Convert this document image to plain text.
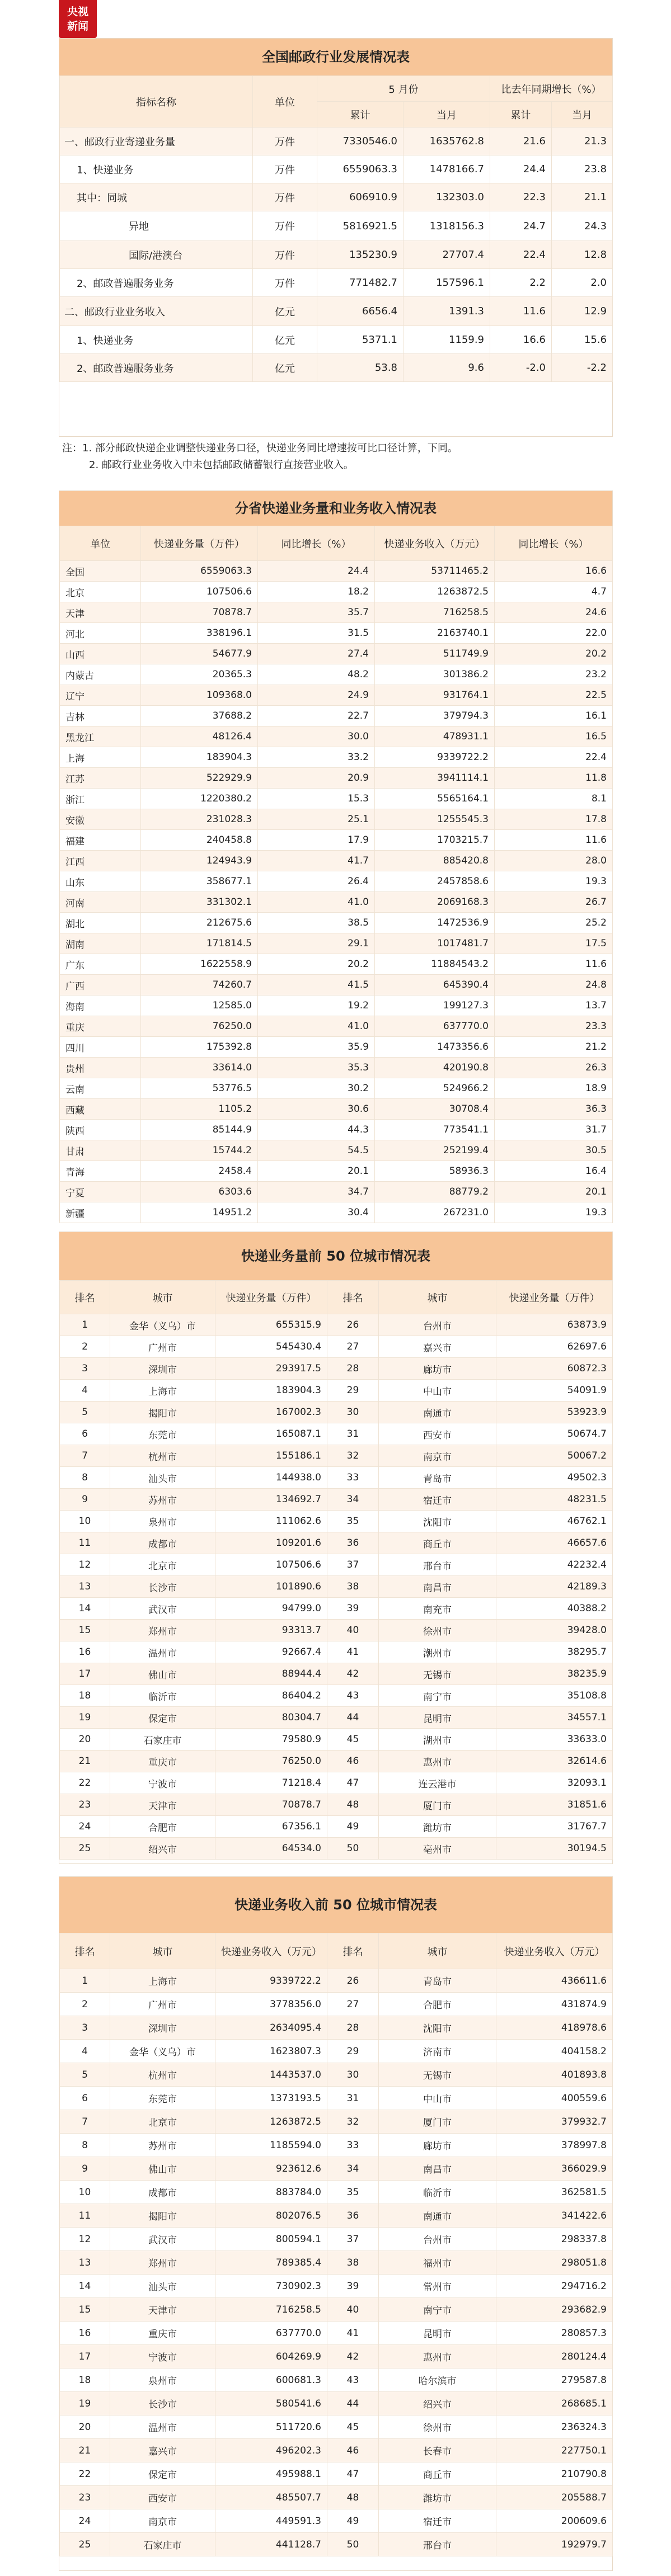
央视
新闻
全国邮政行业发展情况表
指标名称	单位	5 月份		比去年同期增长（%）	
		累计	当月	累计	当月
一、邮政行业寄递业务量	万件	7330546.0	1635762.8	21.6	21.3
1、快递业务	万件	6559063.3	1478166.7	24.4	23.8
其中：同城	万件	606910.9	132303.0	22.3	21.1
异地	万件	5816921.5	1318156.3	24.7	24.3
国际/港澳台	万件	135230.9	27707.4	22.4	12.8
2、邮政普遍服务业务	万件	771482.7	157596.1	2.2	2.0
二、邮政行业业务收入	亿元	6656.4	1391.3	11.6	12.9
1、快递业务	亿元	5371.1	1159.9	16.6	15.6
2、邮政普遍服务业务	亿元	53.8	9.6	-2.0	-2.2
注：1. 部分邮政快递企业调整快递业务口径，快递业务同比增速按可比口径计算，下同。
2. 邮政行业业务收入中未包括邮政储蓄银行直接营业收入。
分省快递业务量和业务收入情况表
单位	快递业务量（万件）	同比增长（%）	快递业务收入（万元）	同比增长（%）
全国	6559063.3	24.4	53711465.2	16.6
北京	107506.6	18.2	1263872.5	4.7
天津	70878.7	35.7	716258.5	24.6
河北	338196.1	31.5	2163740.1	22.0
山西	54677.9	27.4	511749.9	20.2
内蒙古	20365.3	48.2	301386.2	23.2
辽宁	109368.0	24.9	931764.1	22.5
吉林	37688.2	22.7	379794.3	16.1
黑龙江	48126.4	30.0	478931.1	16.5
上海	183904.3	33.2	9339722.2	22.4
江苏	522929.9	20.9	3941114.1	11.8
浙江	1220380.2	15.3	5565164.1	8.1
安徽	231028.3	25.1	1255545.3	17.8
福建	240458.8	17.9	1703215.7	11.6
江西	124943.9	41.7	885420.8	28.0
山东	358677.1	26.4	2457858.6	19.3
河南	331302.1	41.0	2069168.3	26.7
湖北	212675.6	38.5	1472536.9	25.2
湖南	171814.5	29.1	1017481.7	17.5
广东	1622558.9	20.2	11884543.2	11.6
广西	74260.7	41.5	645390.4	24.8
海南	12585.0	19.2	199127.3	13.7
重庆	76250.0	41.0	637770.0	23.3
四川	175392.8	35.9	1473356.6	21.2
贵州	33614.0	35.3	420190.8	26.3
云南	53776.5	30.2	524966.2	18.9
西藏	1105.2	30.6	30708.4	36.3
陕西	85144.9	44.3	773541.1	31.7
甘肃	15744.2	54.5	252199.4	30.5
青海	2458.4	20.1	58936.3	16.4
宁夏	6303.6	34.7	88779.2	20.1
新疆	14951.2	30.4	267231.0	19.3
快递业务量前 50 位城市情况表
排名	城市	快递业务量（万件）	排名	城市	快递业务量（万件）
1	金华（义乌）市	655315.9	26	台州市	63873.9
2	广州市	545430.4	27	嘉兴市	62697.6
3	深圳市	293917.5	28	廊坊市	60872.3
4	上海市	183904.3	29	中山市	54091.9
5	揭阳市	167002.3	30	南通市	53923.9
6	东莞市	165087.1	31	西安市	50674.7
7	杭州市	155186.1	32	南京市	50067.2
8	汕头市	144938.0	33	青岛市	49502.3
9	苏州市	134692.7	34	宿迁市	48231.5
10	泉州市	111062.6	35	沈阳市	46762.1
11	成都市	109201.6	36	商丘市	46657.6
12	北京市	107506.6	37	邢台市	42232.4
13	长沙市	101890.6	38	南昌市	42189.3
14	武汉市	94799.0	39	南充市	40388.2
15	郑州市	93313.7	40	徐州市	39428.0
16	温州市	92667.4	41	潮州市	38295.7
17	佛山市	88944.4	42	无锡市	38235.9
18	临沂市	86404.2	43	南宁市	35108.8
19	保定市	80304.7	44	昆明市	34557.1
20	石家庄市	79580.9	45	湖州市	33633.0
21	重庆市	76250.0	46	惠州市	32614.6
22	宁波市	71218.4	47	连云港市	32093.1
23	天津市	70878.7	48	厦门市	31851.6
24	合肥市	67356.1	49	潍坊市	31767.7
25	绍兴市	64534.0	50	亳州市	30194.5
快递业务收入前 50 位城市情况表
排名	城市	快递业务收入（万元）	排名	城市	快递业务收入（万元）
1	上海市	9339722.2	26	青岛市	436611.6
2	广州市	3778356.0	27	合肥市	431874.9
3	深圳市	2634095.4	28	沈阳市	418978.6
4	金华（义乌）市	1623807.3	29	济南市	404158.2
5	杭州市	1443537.0	30	无锡市	401893.8
6	东莞市	1373193.5	31	中山市	400559.6
7	北京市	1263872.5	32	厦门市	379932.7
8	苏州市	1185594.0	33	廊坊市	378997.8
9	佛山市	923612.6	34	南昌市	366029.9
10	成都市	883784.0	35	临沂市	362581.5
11	揭阳市	802076.5	36	南通市	341422.6
12	武汉市	800594.1	37	台州市	298337.8
13	郑州市	789385.4	38	福州市	298051.8
14	汕头市	730902.3	39	常州市	294716.2
15	天津市	716258.5	40	南宁市	293682.9
16	重庆市	637770.0	41	昆明市	280857.3
17	宁波市	604269.9	42	惠州市	280124.4
18	泉州市	600681.3	43	哈尔滨市	279587.8
19	长沙市	580541.6	44	绍兴市	268685.1
20	温州市	511720.6	45	徐州市	236324.3
21	嘉兴市	496202.3	46	长春市	227750.1
22	保定市	495988.1	47	商丘市	210790.8
23	西安市	485507.7	48	潍坊市	205588.7
24	南京市	449591.3	49	宿迁市	200609.6
25	石家庄市	441128.7	50	邢台市	192979.7
